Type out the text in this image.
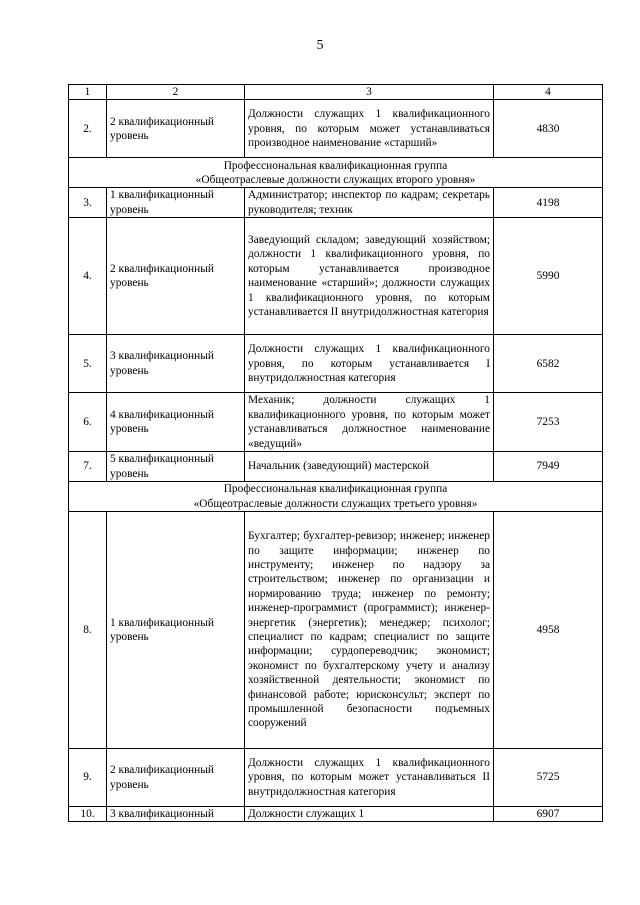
5
1	2	3	4
2.	2 квалификационный уровень	Должности служащих 1 квалификационного уровня, по которым может устанавливаться производное наименование «старший»	4830

Профессиональная квалификационная группа
«Общеотраслевые должности служащих второго уровня»			

3.	1 квалификационный уровень	Администратор; инспектор по кадрам; секретарь руководителя; техник	4198
4.	2 квалификационный уровень	Заведующий складом; заведующий хозяйством; должности 1 квалификационного уровня, по которым устанавливается производное наименование «старший»; должности служащих 1 квалификационного уровня, по которым устанавливается II внутридолжностная категория	5990
5.	3 квалификационный уровень	Должности служащих 1 квалификационного уровня, по которым устанавливается I внутридолжностная категория	6582
6.	4 квалификационный уровень	Механик; должности служащих 1 квалификационного уровня, по которым может устанавливаться должностное наименование «ведущий»	7253
7.	5 квалификационный уровень	Начальник (заведующий) мастерской	7949

Профессиональная квалификационная группа
«Общеотраслевые должности служащих третьего уровня»			

8.	1 квалификационный уровень	Бухгалтер; бухгалтер-ревизор; инженер; инженер по защите информации; инженер по инструменту; инженер по надзору за строительством; инженер по организации и нормированию труда; инженер по ремонту; инженер-программист (программист); инженер-энергетик (энергетик); менеджер; психолог; специалист по кадрам; специалист по защите информации; сурдопереводчик; экономист; экономист по бухгалтерскому учету и анализу хозяйственной деятельности; экономист по финансовой работе; юрисконсульт; эксперт по промышленной безопасности подъемных сооружений	4958
9.	2 квалификационный уровень	Должности служащих 1 квалификационного уровня, по которым может устанавливаться II внутридолжностная категория	5725
10.	3 квалификационный	Должности служащих 1	6907
